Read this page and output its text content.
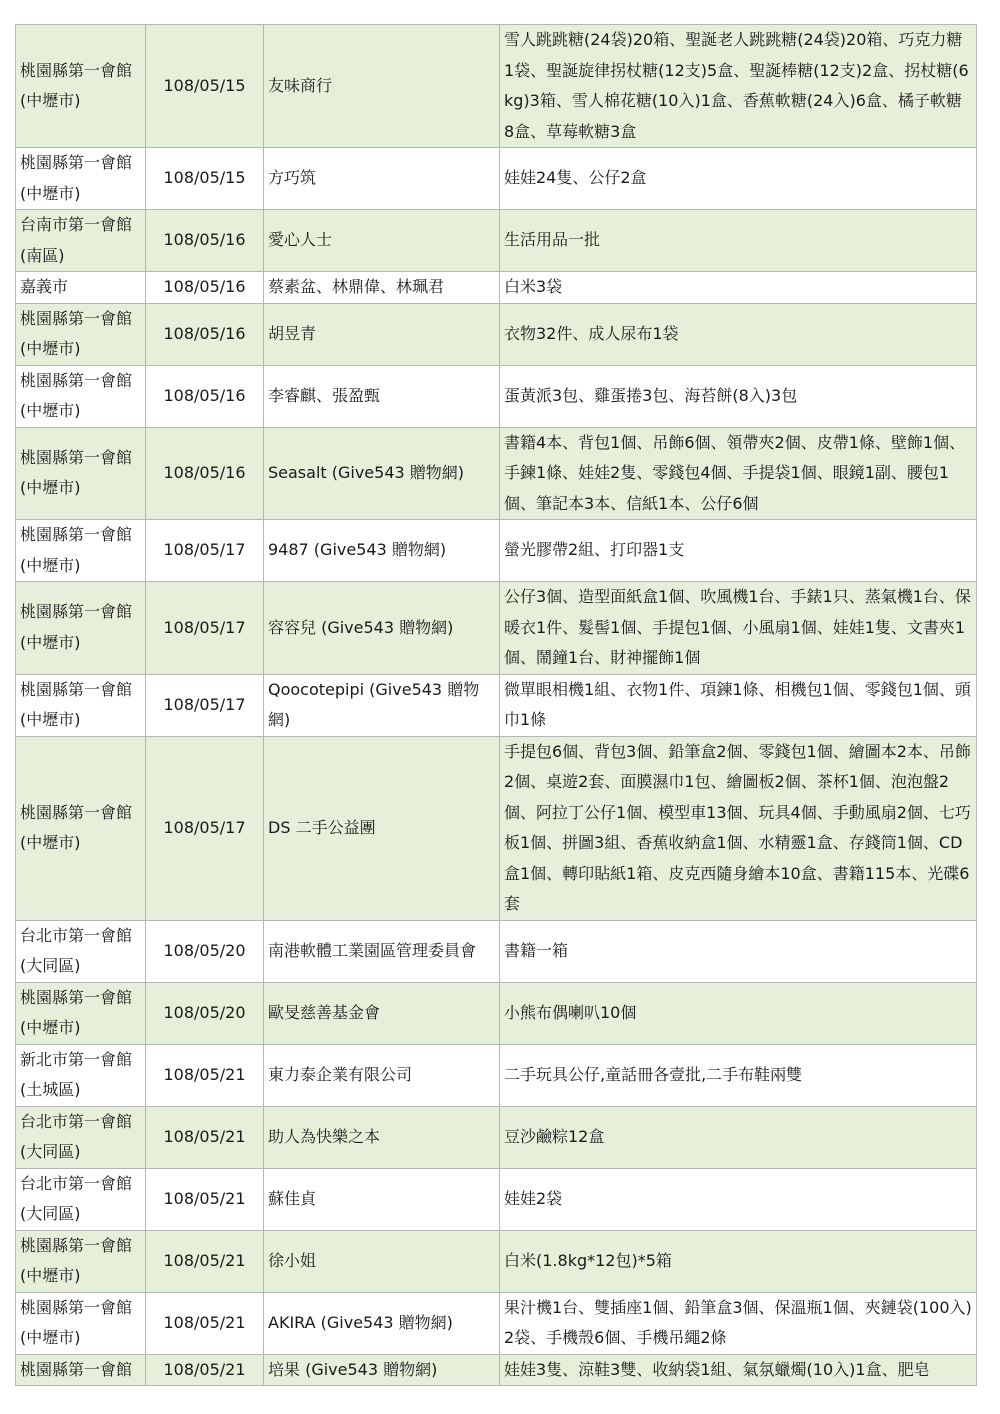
桃園縣第一會館(中壢市)	108/05/15	友味商行	雪人跳跳糖(24袋)20箱、聖誕老人跳跳糖(24袋)20箱、巧克力糖1袋、聖誕旋律拐杖糖(12支)5盒、聖誕棒糖(12支)2盒、拐杖糖(6kg)3箱、雪人棉花糖(10入)1盒、香蕉軟糖(24入)6盒、橘子軟糖8盒、草莓軟糖3盒
桃園縣第一會館(中壢市)	108/05/15	方巧筑	娃娃24隻、公仔2盒
台南市第一會館(南區)	108/05/16	愛心人士	生活用品一批
嘉義市	108/05/16	蔡素盆、林鼎偉、林珮君	白米3袋
桃園縣第一會館(中壢市)	108/05/16	胡昱青	衣物32件、成人尿布1袋
桃園縣第一會館(中壢市)	108/05/16	李睿麒、張盈甄	蛋黃派3包、雞蛋捲3包、海苔餅(8入)3包
桃園縣第一會館(中壢市)	108/05/16	Seasalt (Give543 贈物網)	書籍4本、背包1個、吊飾6個、領帶夾2個、皮帶1條、壁飾1個、手鍊1條、娃娃2隻、零錢包4個、手提袋1個、眼鏡1副、腰包1個、筆記本3本、信紙1本、公仔6個
桃園縣第一會館(中壢市)	108/05/17	9487 (Give543 贈物網)	螢光膠帶2組、打印器1支
桃園縣第一會館(中壢市)	108/05/17	容容兒 (Give543 贈物網)	公仔3個、造型面紙盒1個、吹風機1台、手錶1只、蒸氣機1台、保暖衣1件、髮髻1個、手提包1個、小風扇1個、娃娃1隻、文書夾1個、鬧鐘1台、財神擺飾1個
桃園縣第一會館(中壢市)	108/05/17	Qoocotepipi (Give543 贈物網)	微單眼相機1組、衣物1件、項鍊1條、相機包1個、零錢包1個、頭巾1條
桃園縣第一會館(中壢市)	108/05/17	DS 二手公益團	手提包6個、背包3個、鉛筆盒2個、零錢包1個、繪圖本2本、吊飾2個、桌遊2套、面膜濕巾1包、繪圖板2個、茶杯1個、泡泡盤2個、阿拉丁公仔1個、模型車13個、玩具4個、手動風扇2個、七巧板1個、拼圖3組、香蕉收納盒1個、水精靈1盒、存錢筒1個、CD盒1個、轉印貼紙1箱、皮克西隨身繪本10盒、書籍115本、光碟6套
台北市第一會館(大同區)	108/05/20	南港軟體工業園區管理委員會	書籍一箱
桃園縣第一會館(中壢市)	108/05/20	歐旻慈善基金會	小熊布偶喇叭10個
新北市第一會館(土城區)	108/05/21	東力泰企業有限公司	二手玩具公仔,童話冊各壹批,二手布鞋兩雙
台北市第一會館(大同區)	108/05/21	助人為快樂之本	豆沙鹼粽12盒
台北市第一會館(大同區)	108/05/21	蘇佳貞	娃娃2袋
桃園縣第一會館(中壢市)	108/05/21	徐小姐	白米(1.8kg*12包)*5箱
桃園縣第一會館(中壢市)	108/05/21	AKIRA (Give543 贈物網)	果汁機1台、雙插座1個、鉛筆盒3個、保溫瓶1個、夾鏈袋(100入)2袋、手機殼6個、手機吊繩2條
桃園縣第一會館	108/05/21	培果 (Give543 贈物網)	娃娃3隻、涼鞋3雙、收納袋1組、氣氛蠟燭(10入)1盒、肥皂
